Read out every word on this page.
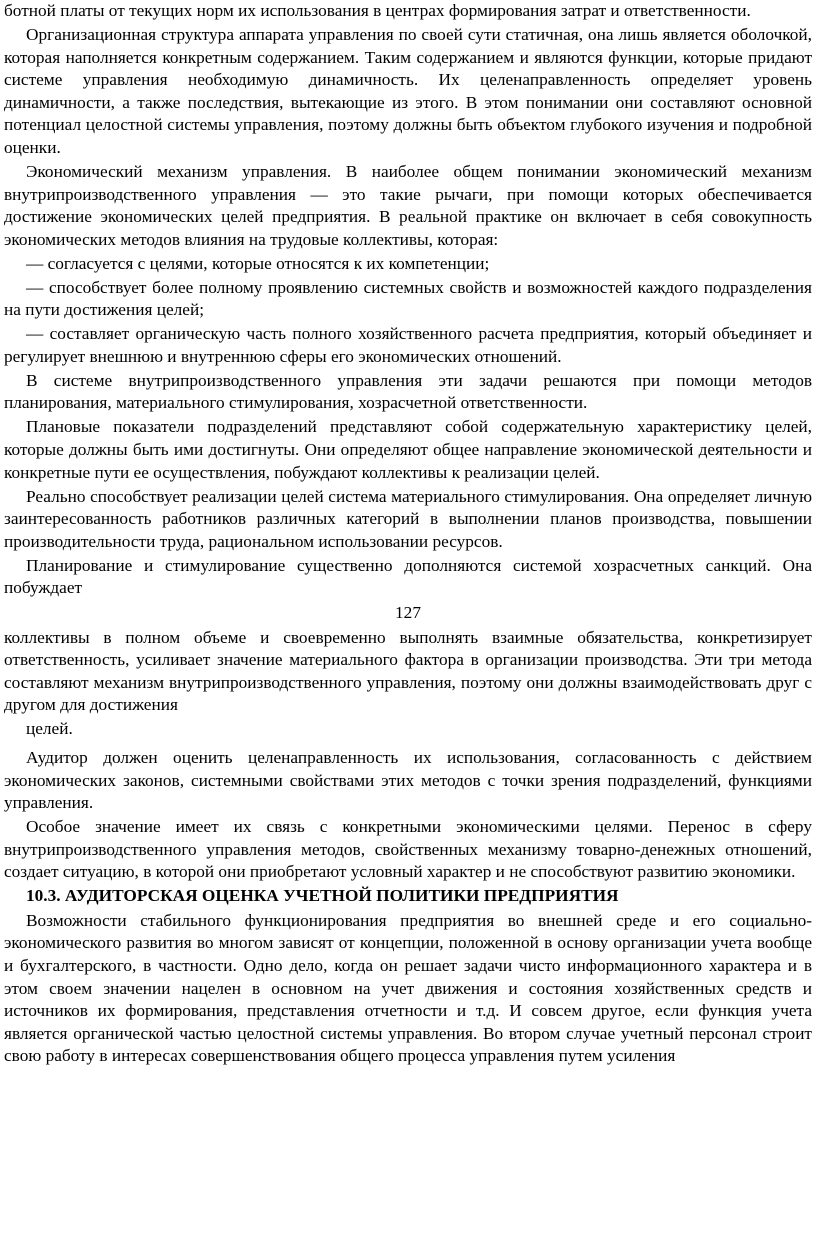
ботной платы от текущих норм их использования в центрах формирования затрат и ответственности.

Организационная структура аппарата управления по своей сути статичная, она лишь является оболочкой, которая наполняется конкретным содержанием. Таким содержанием и являются функции, которые придают системе управления необходимую динамичность. Их целенаправленность определяет уровень динамичности, а также последствия, вытекающие из этого. В этом понимании они составляют основной потенциал целостной системы управления, поэтому должны быть объектом глубокого изучения и подробной оценки.

Экономический механизм управления. В наиболее общем понимании экономический механизм внутрипроизводственного управления — это такие рычаги, при помощи которых обеспечивается достижение экономических целей предприятия. В реальной практике он включает в себя совокупность экономических методов влияния на трудовые коллективы, которая:

— согласуется с целями, которые относятся к их компетенции;

— способствует более полному проявлению системных свойств и возможностей каждого подразделения на пути достижения целей;

— составляет органическую часть полного хозяйственного расчета предприятия, который объединяет и регулирует внешнюю и внутреннюю сферы его экономических отношений.

В системе внутрипроизводственного управления эти задачи решаются при помощи методов планирования, материального стимулирования, хозрасчетной ответственности.

Плановые показатели подразделений представляют собой содержательную характеристику целей, которые должны быть ими достигнуты. Они определяют общее направление экономической деятельности и конкретные пути ее осуществления, побуждают коллективы к реализации целей.

Реально способствует реализации целей система материального стимулирования. Она определяет личную заинтересованность работников различных категорий в выполнении планов производства, повышении производительности труда, рациональном использовании ресурсов.

Планирование и стимулирование существенно дополняются системой хозрасчетных санкций. Она побуждает

127

коллективы в полном объеме и своевременно выполнять взаимные обязательства, конкретизирует ответственность, усиливает значение материального фактора в организации производства. Эти три метода составляют механизм внутрипроизводственного управления, поэтому они должны взаимодействовать друг с другом для достижения

целей.

Аудитор должен оценить целенаправленность их использования, согласованность с действием экономических законов, системными свойствами этих методов с точки зрения подразделений, функциями управления.

Особое значение имеет их связь с конкретными экономическими целями. Перенос в сферу внутрипроизводственного управления методов, свойственных механизму товарно-денежных отношений, создает ситуацию, в которой они приобретают условный характер и не способствуют развитию экономики.

10.3. АУДИТОРСКАЯ ОЦЕНКА УЧЕТНОЙ ПОЛИТИКИ ПРЕДПРИЯТИЯ

Возможности стабильного функционирования предприятия во внешней среде и его социально-экономического развития во многом зависят от концепции, положенной в основу организации учета вообще и бухгалтерского, в частности. Одно дело, когда он решает задачи чисто информационного характера и в этом своем значении нацелен в основном на учет движения и состояния хозяйственных средств и источников их формирования, представления отчетности и т.д. И совсем другое, если функция учета является органической частью целостной системы управления. Во втором случае учетный персонал строит свою работу в интересах совершенствования общего процесса управления путем усиления
